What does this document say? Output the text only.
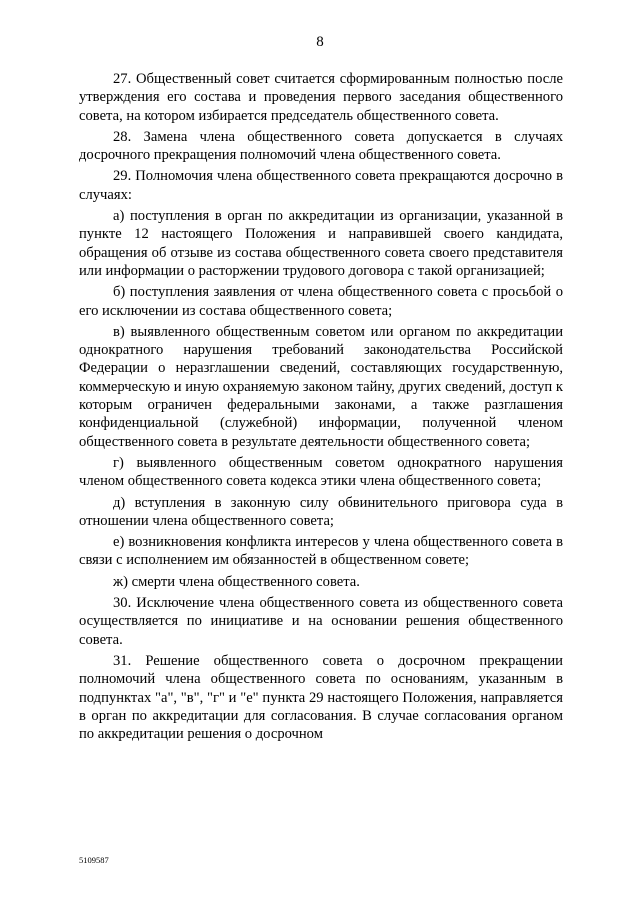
8

27. Общественный совет считается сформированным полностью после утверждения его состава и проведения первого заседания общественного совета, на котором избирается председатель общественного совета.

28. Замена члена общественного совета допускается в случаях досрочного прекращения полномочий члена общественного совета.

29. Полномочия члена общественного совета прекращаются досрочно в случаях:

а) поступления в орган по аккредитации из организации, указанной в пункте 12 настоящего Положения и направившей своего кандидата, обращения об отзыве из состава общественного совета своего представителя или информации о расторжении трудового договора с такой организацией;

б) поступления заявления от члена общественного совета с просьбой о его исключении из состава общественного совета;

в) выявленного общественным советом или органом по аккредитации однократного нарушения требований законодательства Российской Федерации о неразглашении сведений, составляющих государственную, коммерческую и иную охраняемую законом тайну, других сведений, доступ к которым ограничен федеральными законами, а также разглашения конфиденциальной (служебной) информации, полученной членом общественного совета в результате деятельности общественного совета;

г) выявленного общественным советом однократного нарушения членом общественного совета кодекса этики члена общественного совета;

д) вступления в законную силу обвинительного приговора суда в отношении члена общественного совета;

е) возникновения конфликта интересов у члена общественного совета в связи с исполнением им обязанностей в общественном совете;

ж) смерти члена общественного совета.

30. Исключение члена общественного совета из общественного совета осуществляется по инициативе и на основании решения общественного совета.

31. Решение общественного совета о досрочном прекращении полномочий члена общественного совета по основаниям, указанным в подпунктах "а", "в", "г" и "е" пункта 29 настоящего Положения, направляется в орган по аккредитации для согласования. В случае согласования органом по аккредитации решения о досрочном

5109587
